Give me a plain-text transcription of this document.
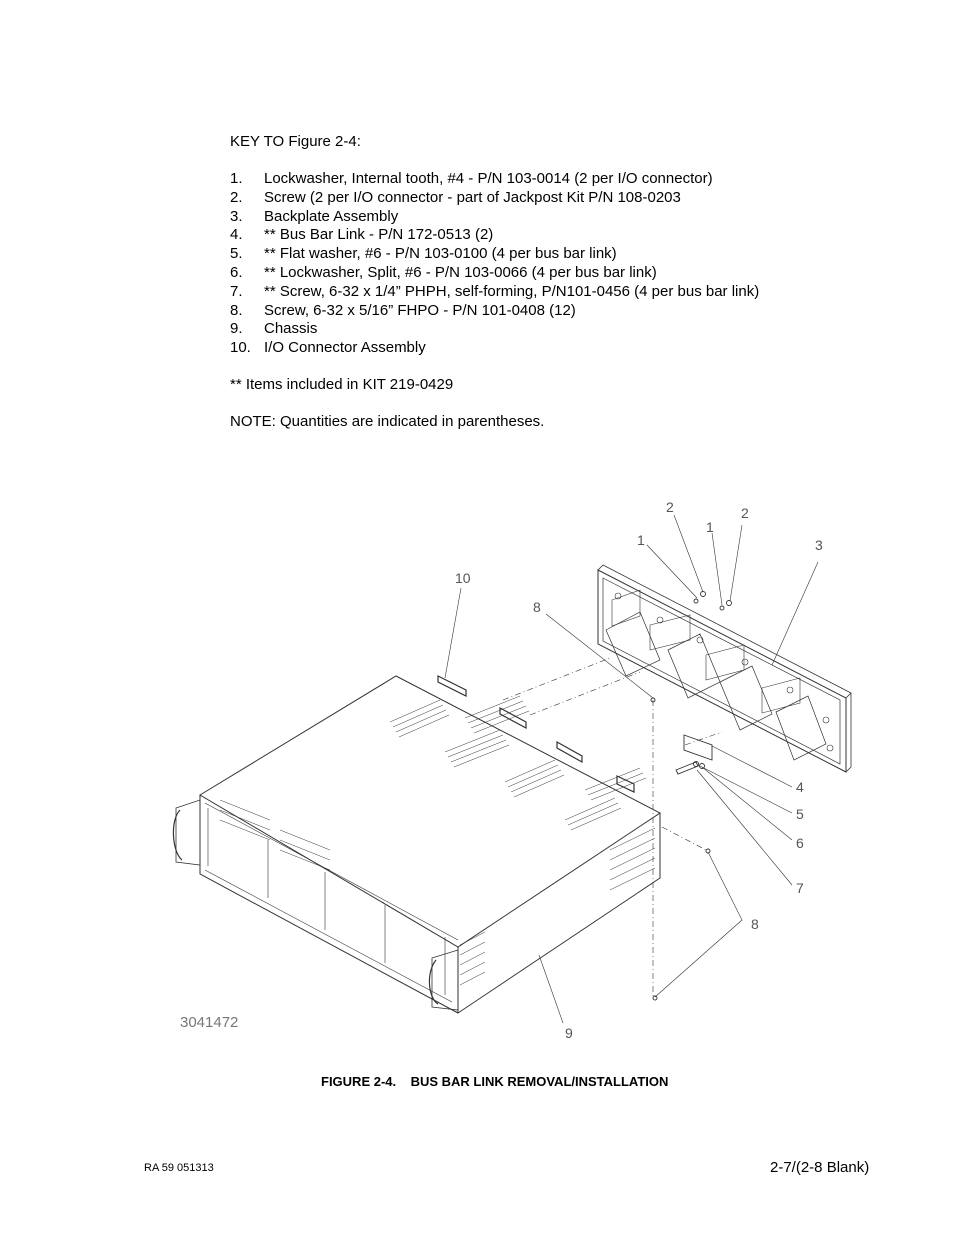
KEY TO Figure 2-4:
1.	Lockwasher, Internal tooth, #4 - P/N 103-0014 (2 per I/O connector)
2.	Screw (2 per I/O connector - part of Jackpost Kit P/N 108-0203
3.	Backplate Assembly
4.	** Bus Bar Link - P/N 172-0513 (2)
5.	** Flat washer, #6 - P/N 103-0100 (4 per bus bar link)
6.	** Lockwasher, Split, #6 - P/N 103-0066 (4 per bus bar link)
7.	** Screw, 6-32 x 1/4” PHPH, self-forming, P/N101-0456 (4 per bus bar link)
8.	Screw, 6-32 x 5/16” FHPO - P/N 101-0408 (12)
9.	Chassis
10. I/O Connector Assembly
** Items included in KIT 219-0429
NOTE: Quantities are indicated in parentheses.
1
2
1
2
3
10
8
4
5
6
7
8
9
3041472
FIGURE 2-4.    BUS BAR LINK REMOVAL/INSTALLATION
RA 59 051313	2-7/(2-8 Blank)
